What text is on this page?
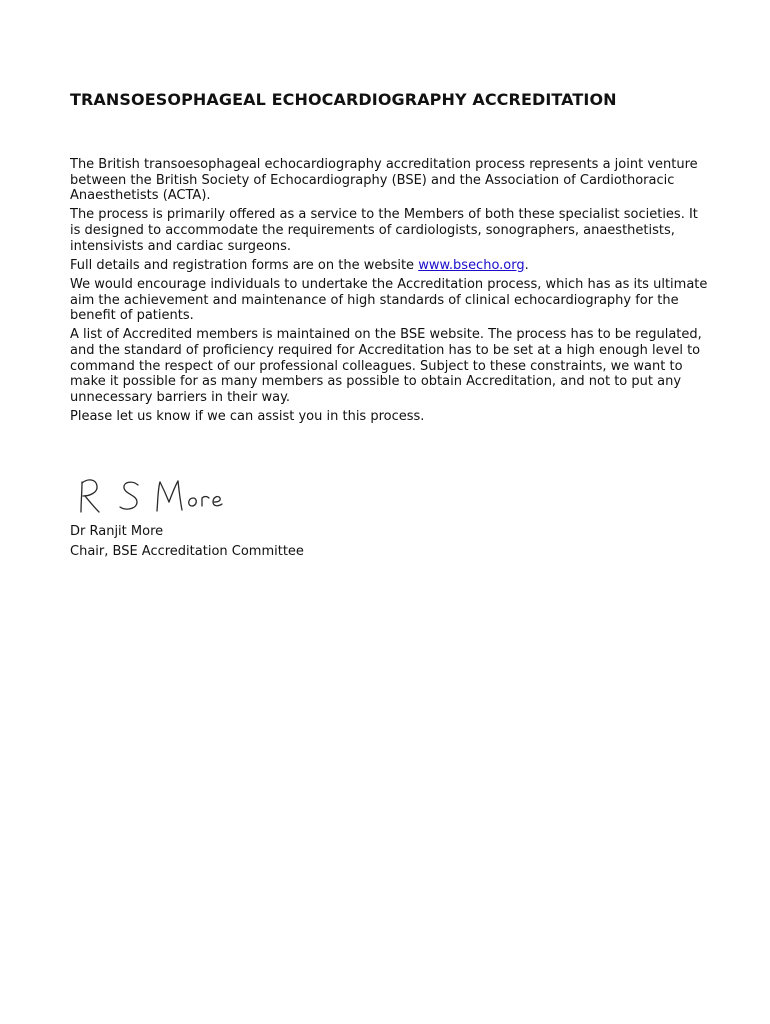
TRANSOESOPHAGEAL ECHOCARDIOGRAPHY ACCREDITATION

The British transoesophageal echocardiography accreditation process represents a joint venture between the British Society of Echocardiography (BSE) and the Association of Cardiothoracic Anaesthetists (ACTA).

The process is primarily offered as a service to the Members of both these specialist societies. It is designed to accommodate the requirements of cardiologists, sonographers, anaesthetists, intensivists and cardiac surgeons.

Full details and registration forms are on the website www.bsecho.org.

We would encourage individuals to undertake the Accreditation process, which has as its ultimate aim the achievement and maintenance of high standards of clinical echocardiography for the benefit of patients.

A list of Accredited members is maintained on the BSE website. The process has to be regulated, and the standard of proficiency required for Accreditation has to be set at a high enough level to command the respect of our professional colleagues. Subject to these constraints, we want to make it possible for as many members as possible to obtain Accreditation, and not to put any unnecessary barriers in their way.

Please let us know if we can assist you in this process.

Dr Ranjit More
Chair, BSE Accreditation Committee
